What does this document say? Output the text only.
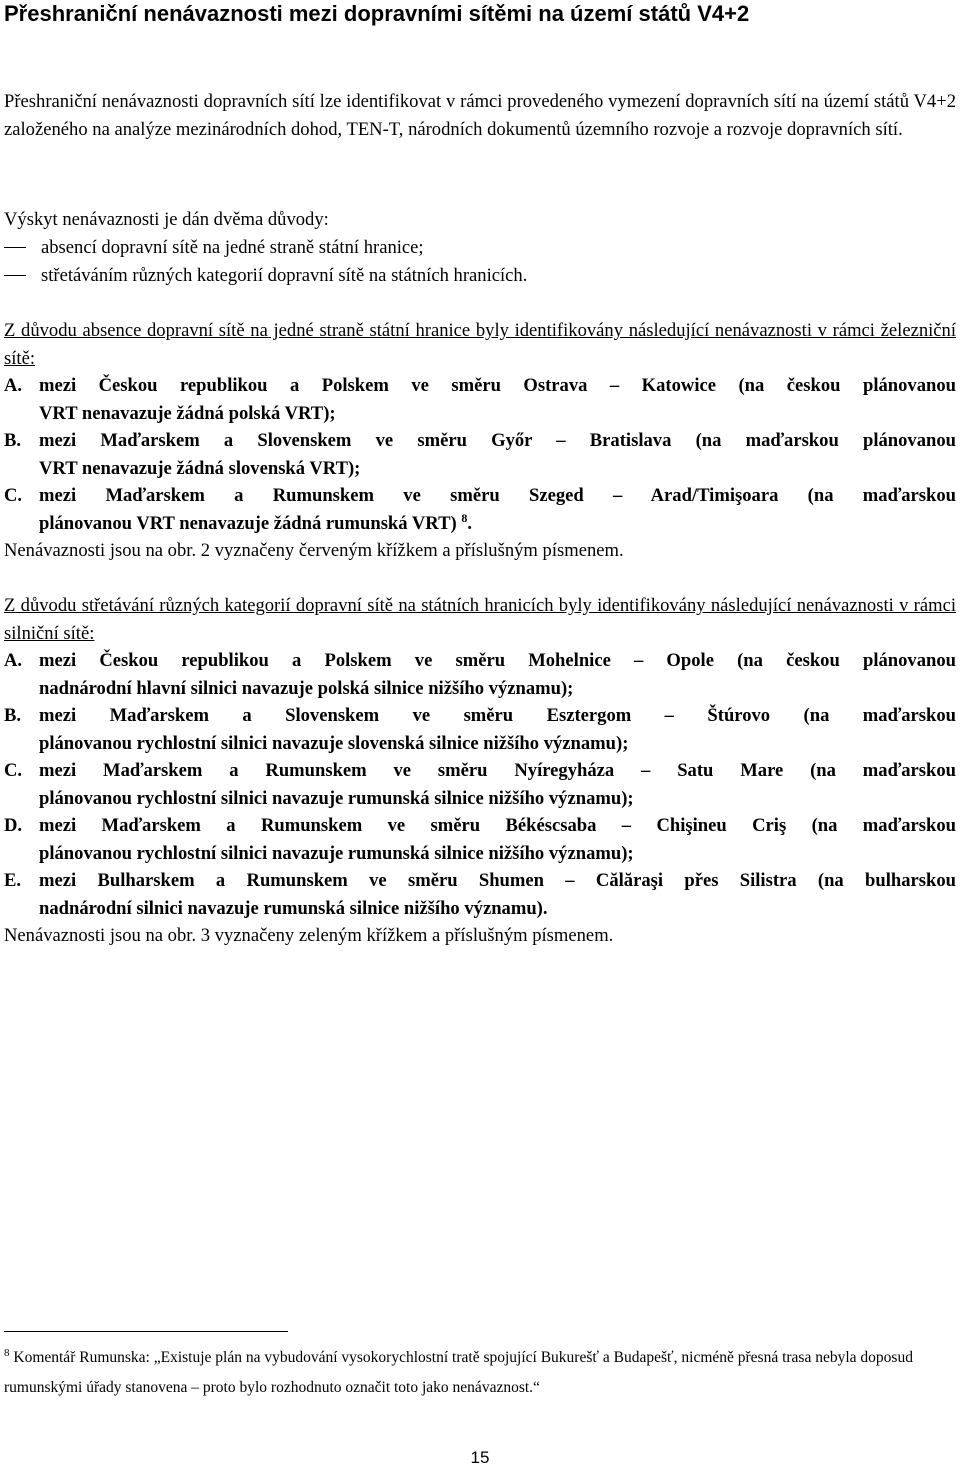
Přeshraniční nenávaznosti mezi dopravními sítěmi na území států V4+2

Přeshraniční nenávaznosti dopravních sítí lze identifikovat v rámci provedeného vymezení dopravních sítí na území států V4+2 založeného na analýze mezinárodních dohod, TEN-T, národních dokumentů územního rozvoje a rozvoje dopravních sítí.

Výskyt nenávaznosti je dán dvěma důvody:

absencí dopravní sítě na jedné straně státní hranice;
střetáváním různých kategorií dopravní sítě na státních hranicích.

Z důvodu absence dopravní sítě na jedné straně státní hranice byly identifikovány následující nenávaznosti v rámci železniční sítě:

A. mezi Českou republikou a Polskem ve směru Ostrava – Katowice (na českou plánovanou
VRT nenavazuje žádná polská VRT);
B. mezi Maďarskem a Slovenskem ve směru Győr – Bratislava (na maďarskou plánovanou
VRT nenavazuje žádná slovenská VRT);
C. mezi Maďarskem a Rumunskem ve směru Szeged – Arad/Timişoara (na maďarskou
plánovanou VRT nenavazuje žádná rumunská VRT) $^8$.

Nenávaznosti jsou na obr. 2 vyznačeny červeným křížkem a příslušným písmenem.

Z důvodu střetávání různých kategorií dopravní sítě na státních hranicích byly identifikovány následující nenávaznosti v rámci silniční sítě:

A. mezi Českou republikou a Polskem ve směru Mohelnice – Opole (na českou plánovanou
nadnárodní hlavní silnici navazuje polská silnice nižšího významu);
B. mezi Maďarskem a Slovenskem ve směru Esztergom – Štúrovo (na maďarskou
plánovanou rychlostní silnici navazuje slovenská silnice nižšího významu);
C. mezi Maďarskem a Rumunskem ve směru Nyíregyháza – Satu Mare (na maďarskou
plánovanou rychlostní silnici navazuje rumunská silnice nižšího významu);
D. mezi Maďarskem a Rumunskem ve směru Békéscsaba – Chişineu Criş (na maďarskou
plánovanou rychlostní silnici navazuje rumunská silnice nižšího významu);
E. mezi Bulharskem a Rumunskem ve směru Shumen – Călăraşi přes Silistra (na bulharskou
nadnárodní silnici navazuje rumunská silnice nižšího významu).

Nenávaznosti jsou na obr. 3 vyznačeny zeleným křížkem a příslušným písmenem.

$^8$ Komentář Rumunska: „Existuje plán na vybudování vysokorychlostní tratě spojující Bukurešť a Budapešť, nicméně přesná trasa nebyla doposud rumunskými úřady stanovena – proto bylo rozhodnuto označit toto jako nenávaznost.“
15
